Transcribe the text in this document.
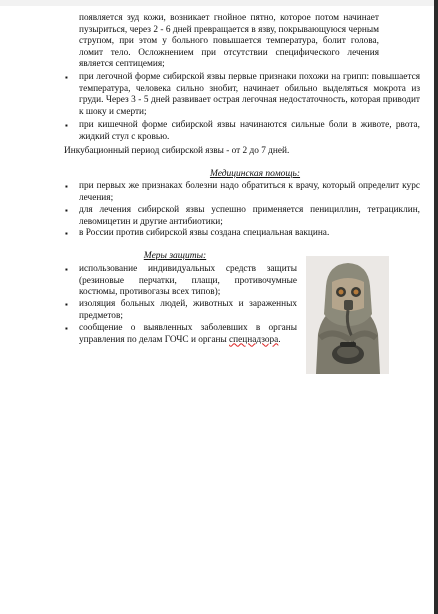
появляется зуд кожи, возникает гнойное пятно, которое потом начинает пузыриться, через 2 - 6 дней превращается в язву, покрывающуюся черным струпом, при этом у больного повышается температура, болит голова, ломит тело. Осложнением при отсутствии специфического лечения является септицемия;
▪	при легочной форме сибирской язвы первые признаки похожи на грипп: повышается температура, человека сильно знобит, начинает обильно выделяться мокрота из груди. Через 3 - 5 дней развивает острая легочная недостаточность, которая приводит к шоку и смерти;
▪	при кишечной форме сибирской язвы начинаются сильные боли в животе, рвота, жидкий стул с кровью.
Инкубационный период сибирской язвы - от 2 до 7 дней.
Медицинская помощь:
▪	при первых же признаках болезни надо обратиться к врачу, который определит курс лечения;
▪	для лечения сибирской язвы успешно применяется пенициллин, тетрациклин, левомицетин и другие антибиотики;
▪	в России против сибирской язвы создана специальная вакцина.
Меры защиты:
▪	использование индивидуальных средств защиты (резиновые перчатки, плащи, противочумные костюмы, противогазы всех типов);
▪	изоляция больных людей, животных и зараженных предметов;
▪	сообщение о выявленных заболевших в органы управления по делам ГОЧС и органы спецнадзора.
